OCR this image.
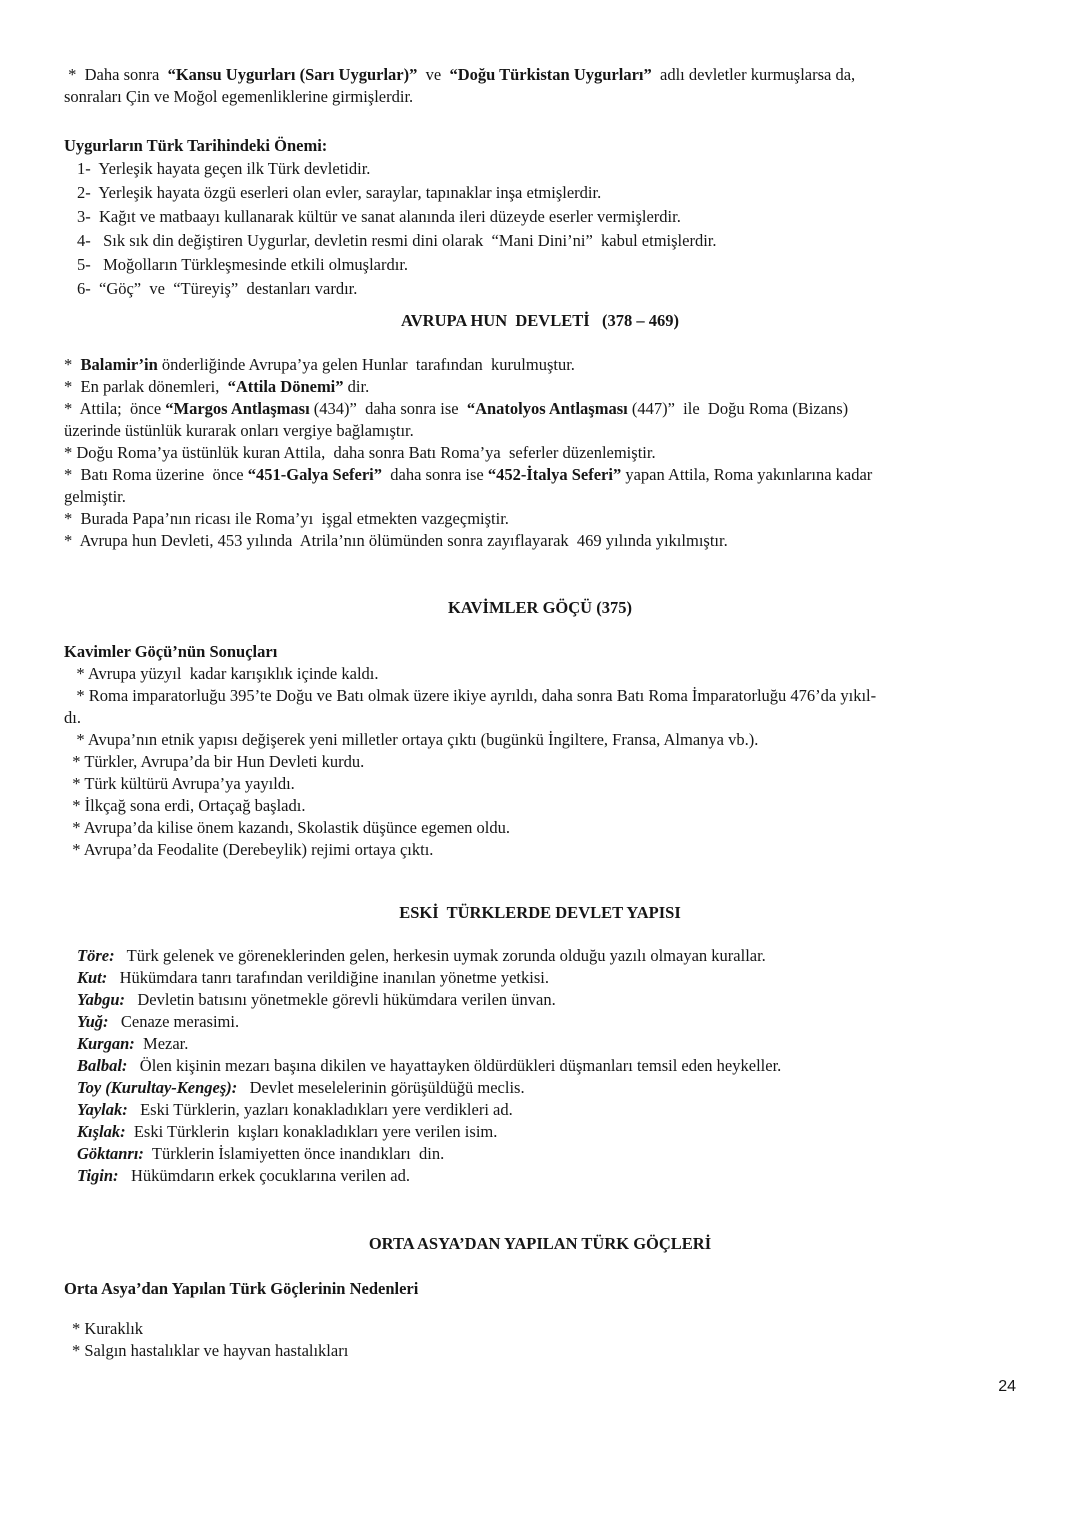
*  Daha sonra  “Kansu Uygurları (Sarı Uygurlar)”  ve  “Doğu Türkistan Uygurları”  adlı devletler kurmuşlarsa da,
sonraları Çin ve Moğol egemenliklerine girmişlerdir.
Uygurların Türk Tarihindeki Önemi:
1-  Yerleşik hayata geçen ilk Türk devletidir.
2-  Yerleşik hayata özgü eserleri olan evler, saraylar, tapınaklar inşa etmişlerdir.
3-  Kağıt ve matbaayı kullanarak kültür ve sanat alanında ileri düzeyde eserler vermişlerdir.
4-   Sık sık din değiştiren Uygurlar, devletin resmi dini olarak  “Mani Dini’ni”  kabul etmişlerdir.
5-   Moğolların Türkleşmesinde etkili olmuşlardır.
6-  “Göç”  ve  “Türeyiş”  destanları vardır.
AVRUPA HUN  DEVLETİ   (378 – 469)
*  Balamir’in önderliğinde Avrupa’ya gelen Hunlar  tarafından  kurulmuştur.
*  En parlak dönemleri,  “Attila Dönemi” dir.
*  Attila;  önce “Margos Antlaşması (434)”  daha sonra ise  “Anatolyos Antlaşması (447)”  ile  Doğu Roma (Bizans)
üzerinde üstünlük kurarak onları vergiye bağlamıştır.
* Doğu Roma’ya üstünlük kuran Attila,  daha sonra Batı Roma’ya  seferler düzenlemiştir.
*  Batı Roma üzerine  önce “451-Galya Seferi”  daha sonra ise “452-İtalya Seferi” yapan Attila, Roma yakınlarına kadar
gelmiştir.
*  Burada Papa’nın ricası ile Roma’yı  işgal etmekten vazgeçmiştir.
*  Avrupa hun Devleti, 453 yılında  Atrila’nın ölümünden sonra zayıflayarak  469 yılında yıkılmıştır.
KAVİMLER GÖÇÜ (375)
Kavimler Göçü’nün Sonuçları
* Avrupa yüzyıl  kadar karışıklık içinde kaldı.
* Roma imparatorluğu 395’te Doğu ve Batı olmak üzere ikiye ayrıldı, daha sonra Batı Roma İmparatorluğu 476’da yıkıl-
dı.
* Avupa’nın etnik yapısı değişerek yeni milletler ortaya çıktı (bugünkü İngiltere, Fransa, Almanya vb.).
* Türkler, Avrupa’da bir Hun Devleti kurdu.
* Türk kültürü Avrupa’ya yayıldı.
* İlkçağ sona erdi, Ortaçağ başladı.
* Avrupa’da kilise önem kazandı, Skolastik düşünce egemen oldu.
* Avrupa’da Feodalite (Derebeylik) rejimi ortaya çıktı.
ESKİ  TÜRKLERDE DEVLET YAPISI
Töre:   Türk gelenek ve göreneklerinden gelen, herkesin uymak zorunda olduğu yazılı olmayan kurallar.
Kut:   Hükümdara tanrı tarafından verildiğine inanılan yönetme yetkisi.
Yabgu:   Devletin batısını yönetmekle görevli hükümdara verilen ünvan.
Yuğ:   Cenaze merasimi.
Kurgan:  Mezar.
Balbal:   Ölen kişinin mezarı başına dikilen ve hayattayken öldürdükleri düşmanları temsil eden heykeller.
Toy (Kurultay-Kengeş):   Devlet meselelerinin görüşüldüğü meclis.
Yaylak:   Eski Türklerin, yazları konakladıkları yere verdikleri ad.
Kışlak:  Eski Türklerin  kışları konakladıkları yere verilen isim.
Göktanrı:  Türklerin İslamiyetten önce inandıkları  din.
Tigin:   Hükümdarın erkek çocuklarına verilen ad.
ORTA ASYA’DAN YAPILAN TÜRK GÖÇLERİ
Orta Asya’dan Yapılan Türk Göçlerinin Nedenleri
* Kuraklık
* Salgın hastalıklar ve hayvan hastalıkları
24
